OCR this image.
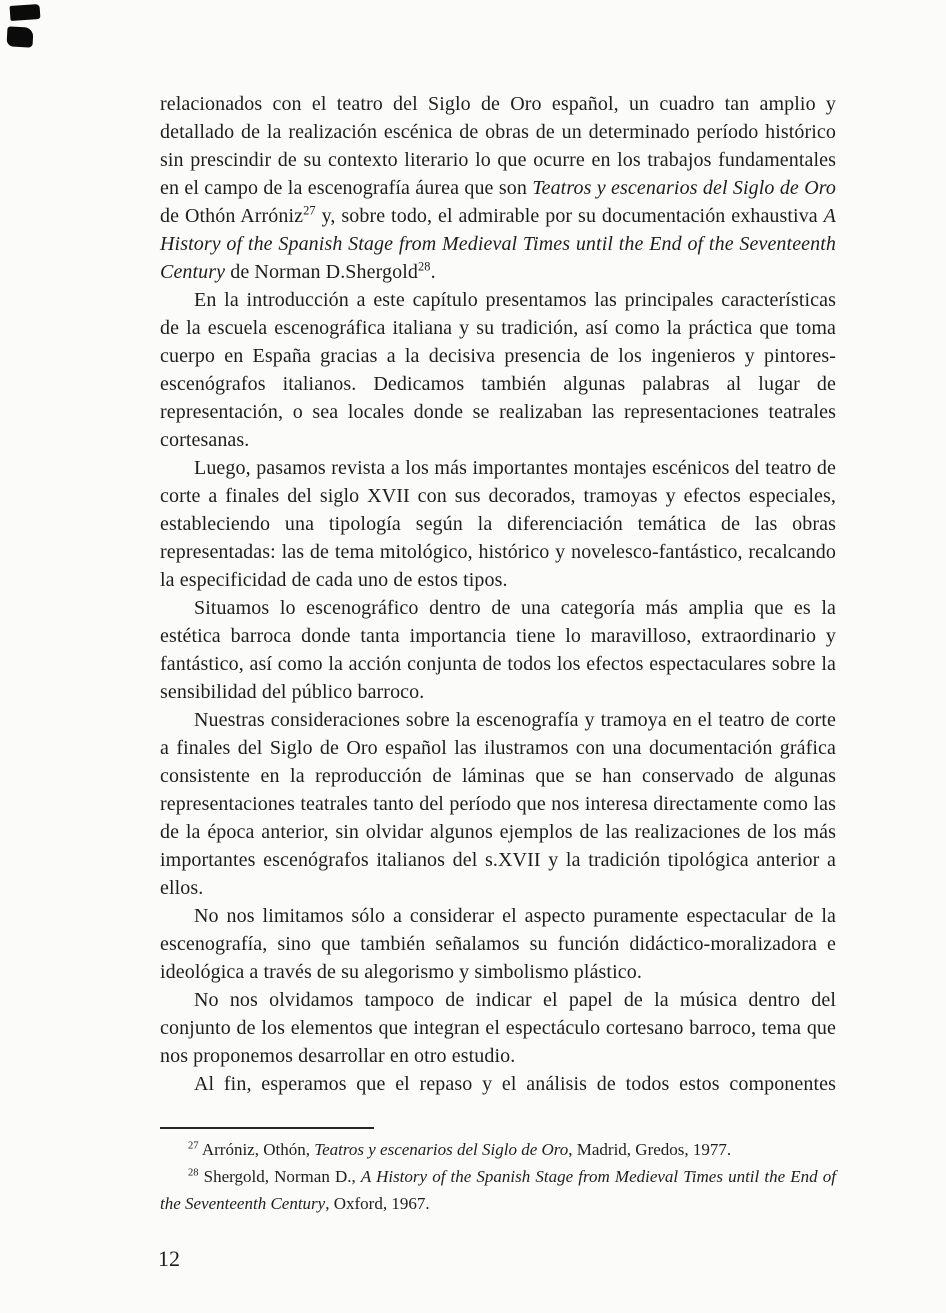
relacionados con el teatro del Siglo de Oro español, un cuadro tan amplio y detallado de la realización escénica de obras de un determinado período histórico sin prescindir de su contexto literario lo que ocurre en los trabajos fundamentales en el campo de la escenografía áurea que son Teatros y escenarios del Siglo de Oro de Othón Arróniz$^{27}$ y, sobre todo, el admirable por su documentación exhaustiva A History of the Spanish Stage from Medieval Times until the End of the Seventeenth Century de Norman D.Shergold$^{28}$.

En la introducción a este capítulo presentamos las principales características de la escuela escenográfica italiana y su tradición, así como la práctica que toma cuerpo en España gracias a la decisiva presencia de los ingenieros y pintores-escenógrafos italianos. Dedicamos también algunas palabras al lugar de representación, o sea locales donde se realizaban las representaciones teatrales cortesanas.

Luego, pasamos revista a los más importantes montajes escénicos del teatro de corte a finales del siglo XVII con sus decorados, tramoyas y efectos especiales, estableciendo una tipología según la diferenciación temática de las obras representadas: las de tema mitológico, histórico y novelesco-fantástico, recalcando la especificidad de cada uno de estos tipos.

Situamos lo escenográfico dentro de una categoría más amplia que es la estética barroca donde tanta importancia tiene lo maravilloso, extraordinario y fantástico, así como la acción conjunta de todos los efectos espectaculares sobre la sensibilidad del público barroco.

Nuestras consideraciones sobre la escenografía y tramoya en el teatro de corte a finales del Siglo de Oro español las ilustramos con una documentación gráfica consistente en la reproducción de láminas que se han conservado de algunas representaciones teatrales tanto del período que nos interesa directamente como las de la época anterior, sin olvidar algunos ejemplos de las realizaciones de los más importantes escenógrafos italianos del s.XVII y la tradición tipológica anterior a ellos.

No nos limitamos sólo a considerar el aspecto puramente espectacular de la escenografía, sino que también señalamos su función didáctico-moralizadora e ideológica a través de su alegorismo y simbolismo plástico.

No nos olvidamos tampoco de indicar el papel de la música dentro del conjunto de los elementos que integran el espectáculo cortesano barroco, tema que nos proponemos desarrollar en otro estudio.

Al fin, esperamos que el repaso y el análisis de todos estos componentes

$^{27}$ Arróniz, Othón, Teatros y escenarios del Siglo de Oro, Madrid, Gredos, 1977.

$^{28}$ Shergold, Norman D., A History of the Spanish Stage from Medieval Times until the End of the Seventeenth Century, Oxford, 1967.

12
